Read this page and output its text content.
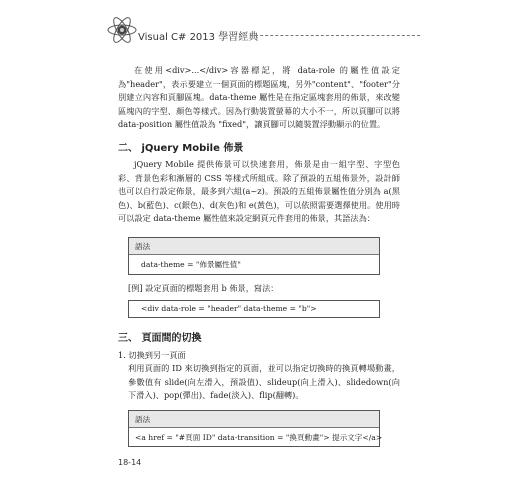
Visual C# 2013 學習經典

在使用<div>...</div>容器標記，將 data-role 的屬性值設定為"header"，表示要建立一個頁面的標題區塊，另外"content"、"footer"分別建立內容和頁腳區塊。data-theme 屬性是在指定區塊套用的佈景，來改變區塊內的字型、顏色等樣式。因為行動裝置螢幕的大小不一，所以頁腳可以將 data-position 屬性值設為 "fixed"，讓頁腳可以隨裝置浮動顯示的位置。

二、 jQuery Mobile 佈景

jQuery Mobile 提供佈景可以快速套用，佈景是由一組字型、字型色彩、背景色彩和漸層的 CSS 等樣式所組成。除了預設的五組佈景外，設計師也可以自行設定佈景，最多到六組(a~z)。預設的五組佈景屬性值分別為 a(黑色)、b(藍色)、c(銀色)、d(灰色)和 e(黃色)，可以依照需要選擇使用。使用時可以設定 data-theme 屬性值來設定網頁元件套用的佈景，其語法為：

語法
data-theme = "佈景屬性值"
[例] 設定頁面的標題套用 b 佈景，寫法：
<div data-role = "header" data-theme = "b">
三、 頁面間的切換
1. 切換到另一頁面

利用頁面的 ID 來切換到指定的頁面，並可以指定切換時的換頁轉場動畫，參數值有 slide(向左滑入，預設值)、slideup(向上滑入)、slidedown(向下滑入)、pop(彈出)、fade(淡入)、flip(翻轉)。

語法
<a href = "#頁面 ID" data-transition = "換頁動畫"> 提示文字</a>
18-14
